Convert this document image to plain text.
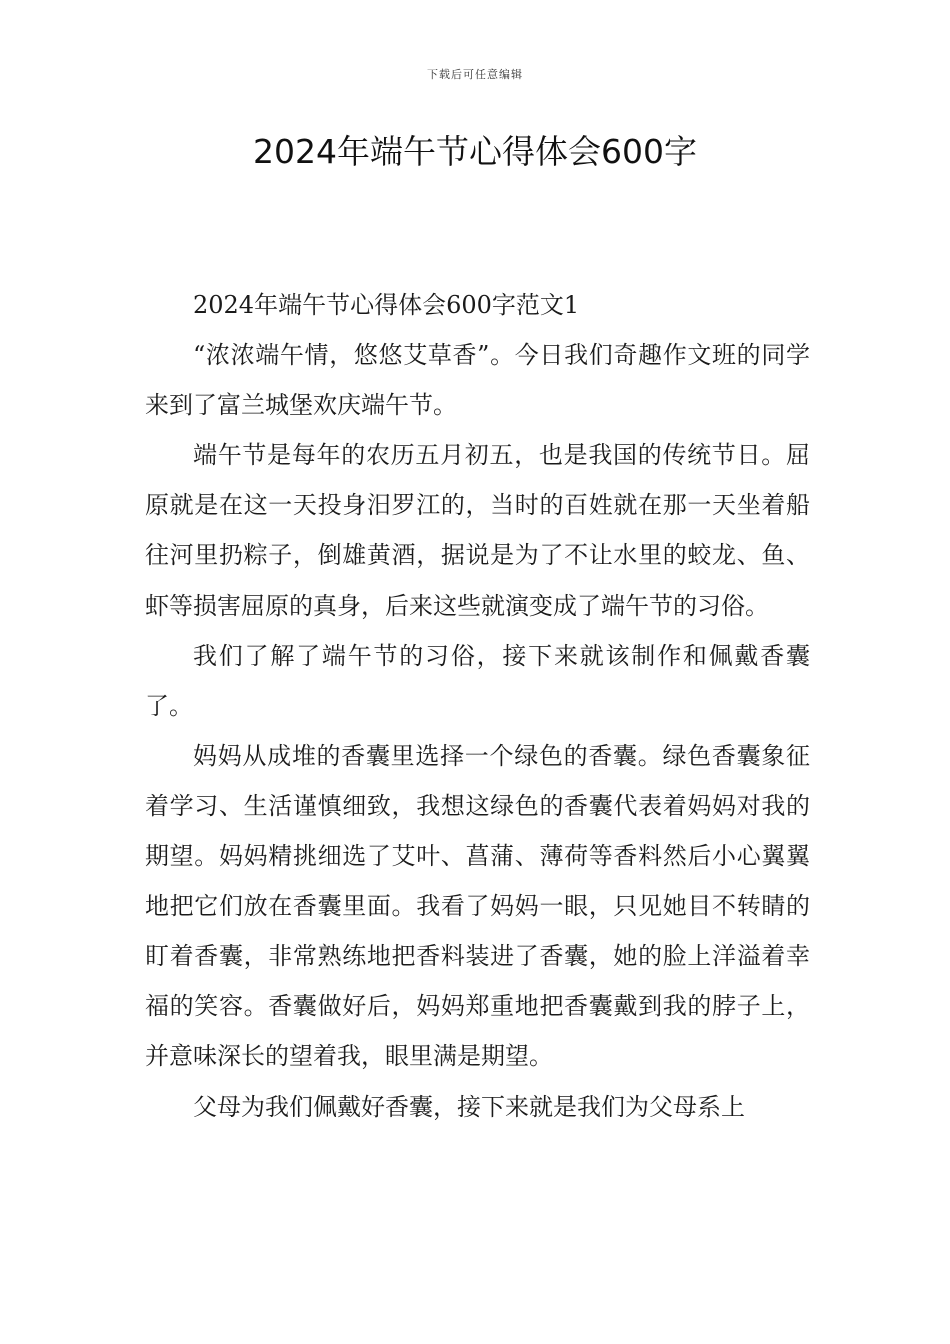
下载后可任意编辑
2024年端午节心得体会600字

2024年端午节心得体会600字范文1

“浓浓端午情，悠悠艾草香”。今日我们奇趣作文班的同学来到了富兰城堡欢庆端午节。

端午节是每年的农历五月初五，也是我国的传统节日。屈原就是在这一天投身汨罗江的，当时的百姓就在那一天坐着船往河里扔粽子，倒雄黄酒，据说是为了不让水里的蛟龙、鱼、虾等损害屈原的真身，后来这些就演变成了端午节的习俗。

我们了解了端午节的习俗，接下来就该制作和佩戴香囊了。

妈妈从成堆的香囊里选择一个绿色的香囊。绿色香囊象征着学习、生活谨慎细致，我想这绿色的香囊代表着妈妈对我的期望。妈妈精挑细选了艾叶、菖蒲、薄荷等香料然后小心翼翼地把它们放在香囊里面。我看了妈妈一眼，只见她目不转睛的盯着香囊，非常熟练地把香料装进了香囊，她的脸上洋溢着幸福的笑容。香囊做好后，妈妈郑重地把香囊戴到我的脖子上，并意味深长的望着我，眼里满是期望。

父母为我们佩戴好香囊，接下来就是我们为父母系上
